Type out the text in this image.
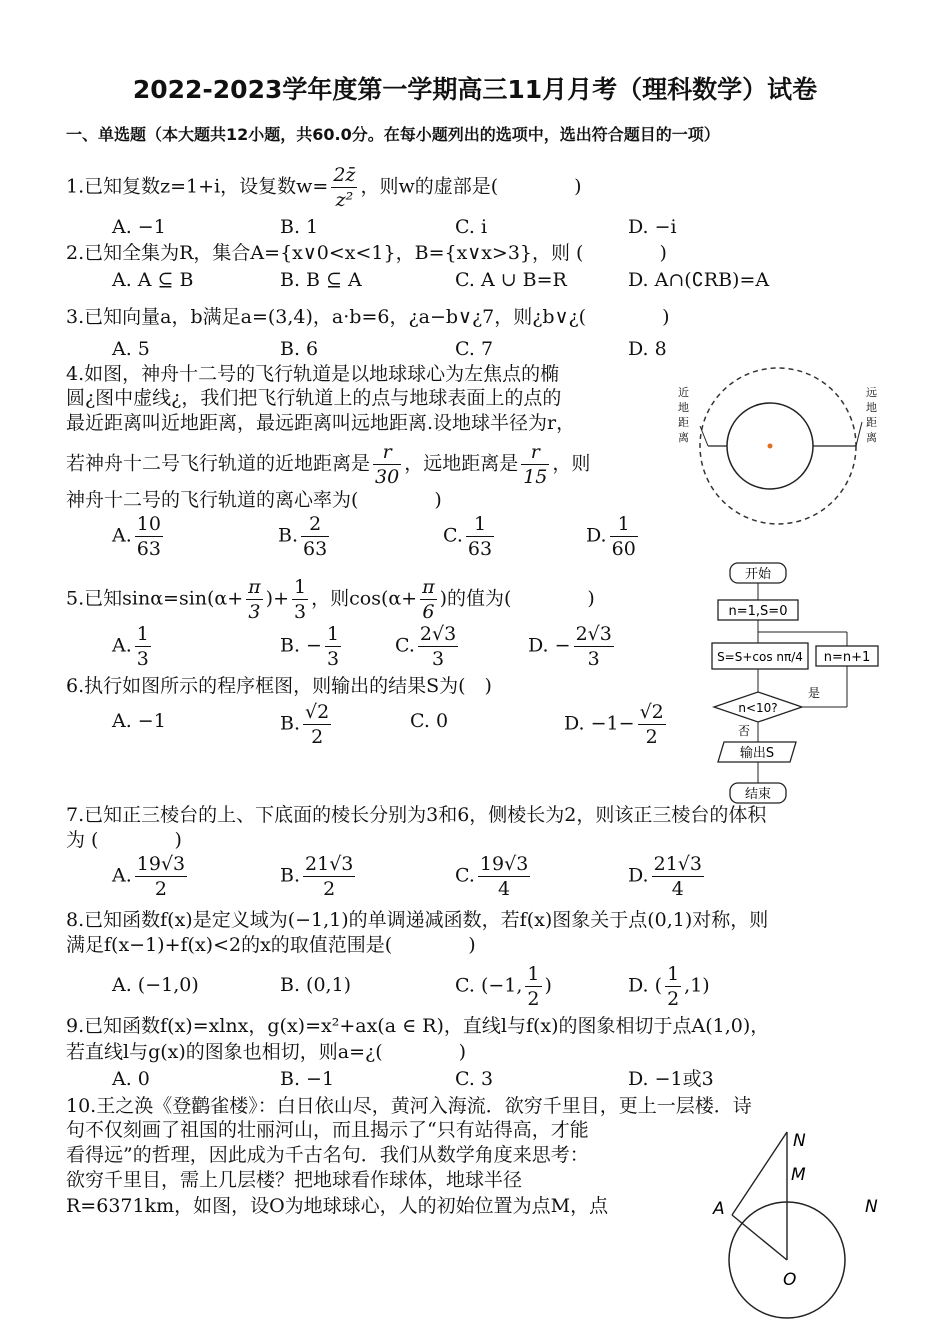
2022-2023学年度第一学期高三11月月考（理科数学）试卷
一、单选题（本大题共12小题，共60.0分。在每小题列出的选项中，选出符合题目的一项）
1.已知复数z=1+i，设复数$w= \frac{2z̄}{\text{z²}}$ ，则w的虚部是(　　　　)
A. −1	B. 1	C. i	D. −i
2.已知全集为R，集合A={x∨0<x<1}，B={x∨x>3}，则 (　　　　)
A. A ⊆ B	B. B ⊆ A	C. A ∪ B=R	D. A∩(∁RB)=A
3.已知向量a，b满足a=(3,4)，a·b=6，¿a−b∨¿7，则¿b∨¿(　　　　)
A. 5	B. 6	C. 7	D. 8
4.如图，神舟十二号的飞行轨道是以地球球心为左焦点的椭
圆¿图中虚线¿，我们把飞行轨道上的点与地球表面上的点的
最近距离叫近地距离，最远距离叫远地距离.设地球半径为r，
若神舟十二号飞行轨道的近地距离是 $\frac{r}{30}$ ，远地距离是 $\frac{r}{15}$ ，则
神舟十二号的飞行轨道的离心率为(　　　　)
A. $\frac{10}{63}$	B. $\frac{2}{63}$	C. $\frac{1}{63}$	D. $\frac{1}{60}$
近地距离
远地距离
5.已知$\sin\alpha=\sin(\alpha+ \frac{\pi}{3}$ )+ $\frac{1}{3}$ ，则$\cos(\alpha+ \frac{\pi}{6}$ )的值为(　　　　)
A. $\frac{1}{3}$	B. − $\frac{1}{3}$	C. $\frac{2√3}{3}$	D. − $\frac{2√3}{3}$
6.执行如图所示的程序框图，则输出的结果S为(　)
A. −1	B. $\frac{√2}{2}$	C. 0	D. $-1- \frac{√2}{2}$
开始
n=1,S=0
S=S+cos nπ/4 n=n+1
n<10?
是
否
输出S
结束
7.已知正三棱台的上、下底面的棱长分别为3和6，侧棱长为2，则该正三棱台的体积
为 (　　　　)
A. $\frac{19√3}{2}$	B. $\frac{21√3}{2}$	C. $\frac{19√3}{4}$	D. $\frac{21√3}{4}$
8.已知函数f(x)是定义域为(−1,1)的单调递减函数，若f(x)图象关于点(0,1)对称，则
满足f(x−1)+f(x)<2的x的取值范围是(　　　　)
A. (−1,0)	B. (0,1)	C. (−1, $\frac{1}{2}$ )	D. ( $\frac{1}{2} ,1$)
9.已知函数f(x)=xlnx，g(x)=x²+ax(a ∈ R)，直线l与f(x)的图象相切于点A(1,0)，
若直线l与g(x)的图象也相切，则a=¿(　　　　)
A. 0	B. −1	C. 3	D. −1或3
10.王之涣《登鹳雀楼》：白日依山尽，黄河入海流．欲穷千里目，更上一层楼．诗
句不仅刻画了祖国的壮丽河山，而且揭示了“只有站得高，才能
看得远”的哲理，因此成为千古名句．我们从数学角度来思考：
欲穷千里目，需上几层楼？把地球看作球体，地球半径
R=6371km，如图，设O为地球球心，人的初始位置为点M，点
N
M
A
O
N
